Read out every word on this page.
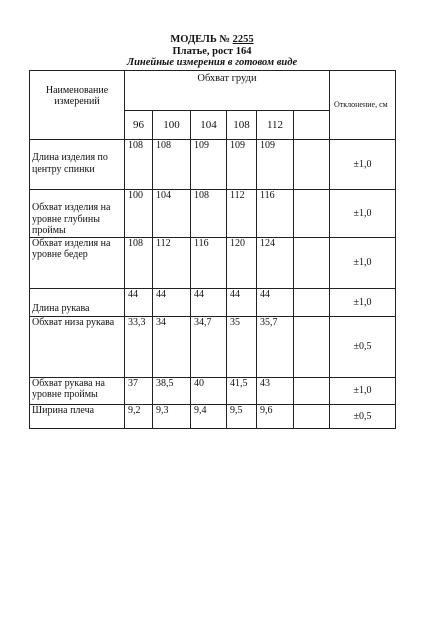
МОДЕЛЬ № 2255
Платье, рост 164
Линейные измерения в готовом виде
Наименование измерений	Обхват груди						Отклонение, см
	96	100	104	108	112		
Длина изделия по центру спинки	108	108	109	109	109		±1,0
Обхват изделия на уровне глубины проймы	100	104	108	112	116		±1,0
Обхват изделия на уровне бедер	108	112	116	120	124		±1,0
Длина рукава	44	44	44	44	44		±1,0
Обхват низа рукава	33,3	34	34,7	35	35,7		±0,5
Обхват рукава на уровне проймы	37	38,5	40	41,5	43		±1,0
Ширина плеча	9,2	9,3	9,4	9,5	9,6		±0,5
